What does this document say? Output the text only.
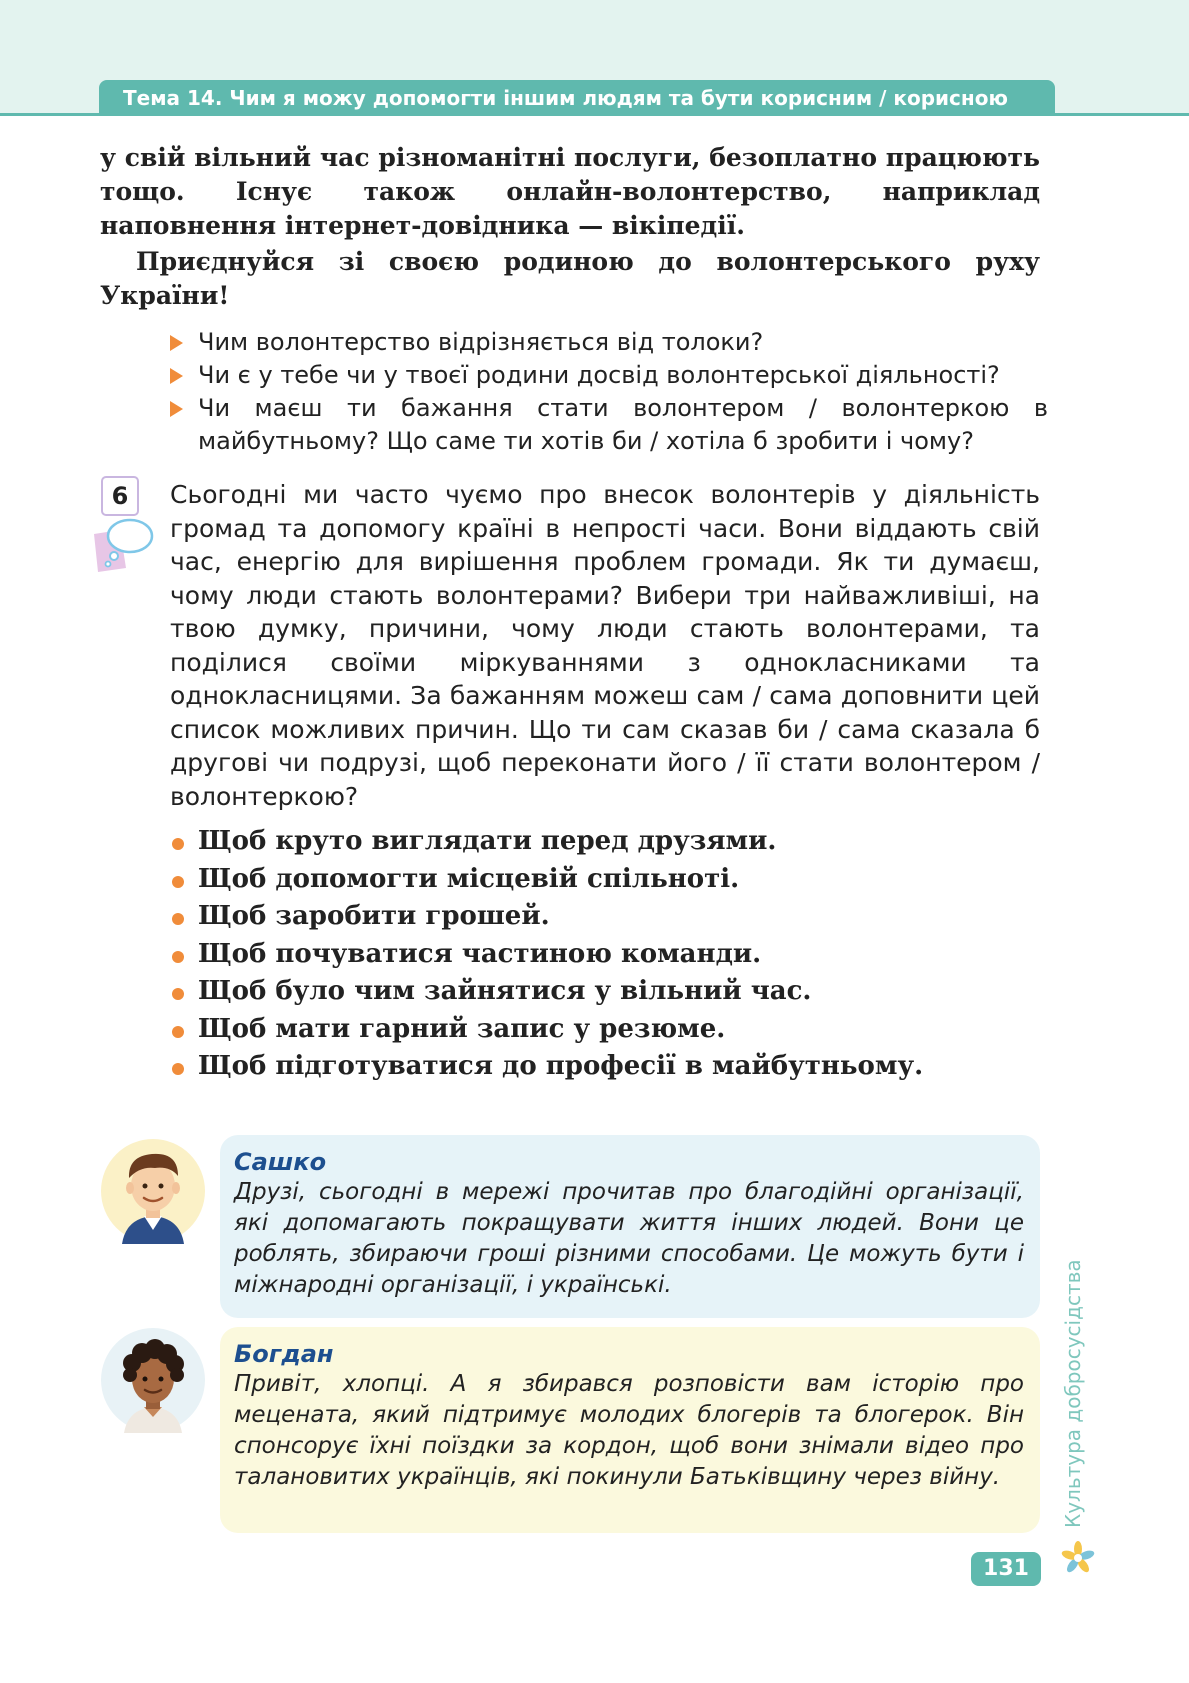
Тема 14. Чим я можу допомогти іншим людям та бути корисним / корисною

у свій вільний час різноманітні послуги, безоплатно працюють тощо. Існує також онлайн-волонтерство, наприклад наповнення інтернет-довідника — вікіпедії.

Приєднуйся зі своєю родиною до волонтерського руху України!

Чим волонтерство відрізняється від толоки?
Чи є у тебе чи у твоєї родини досвід волонтерської діяльності?
Чи маєш ти бажання стати волонтером / волонтеркою в майбутньому? Що саме ти хотів би / хотіла б зробити і чому?
6	Сьогодні ми часто чуємо про внесок волонтерів у діяльність громад та допомогу країні в непрості часи. Вони віддають свій час, енергію для вирішення проблем громади. Як ти думаєш, чому люди стають волонтерами? Вибери три найважливіші, на твою думку, причини, чому люди стають волонтерами, та поділися своїми міркуваннями з однокласниками та однокласницями. За бажанням можеш сам / сама доповнити цей список можливих причин. Що ти сам сказав би / сама сказала б другові чи подрузі, щоб переконати його / її стати волонтером / волонтеркою?

Щоб круто виглядати перед друзями.
Щоб допомогти місцевій спільноті.
Щоб заробити грошей.
Щоб почуватися частиною команди.
Щоб було чим зайнятися у вільний час.
Щоб мати гарний запис у резюме.
Щоб підготуватися до професії в майбутньому.

Сашко

Друзі, сьогодні в мережі прочитав про благодійні організації, які допомагають покращувати життя інших людей. Вони це роблять, збираючи гроші різними способами. Це можуть бути і міжнародні організації, і українські.

Богдан

Привіт, хлопці. А я збирався розповісти вам історію про мецената, який підтримує молодих блогерів та блогерок. Він спонсорує їхні поїздки за кордон, щоб вони знімали відео про талановитих українців, які покинули Батьківщину через війну.	Культура добросусідства
131
